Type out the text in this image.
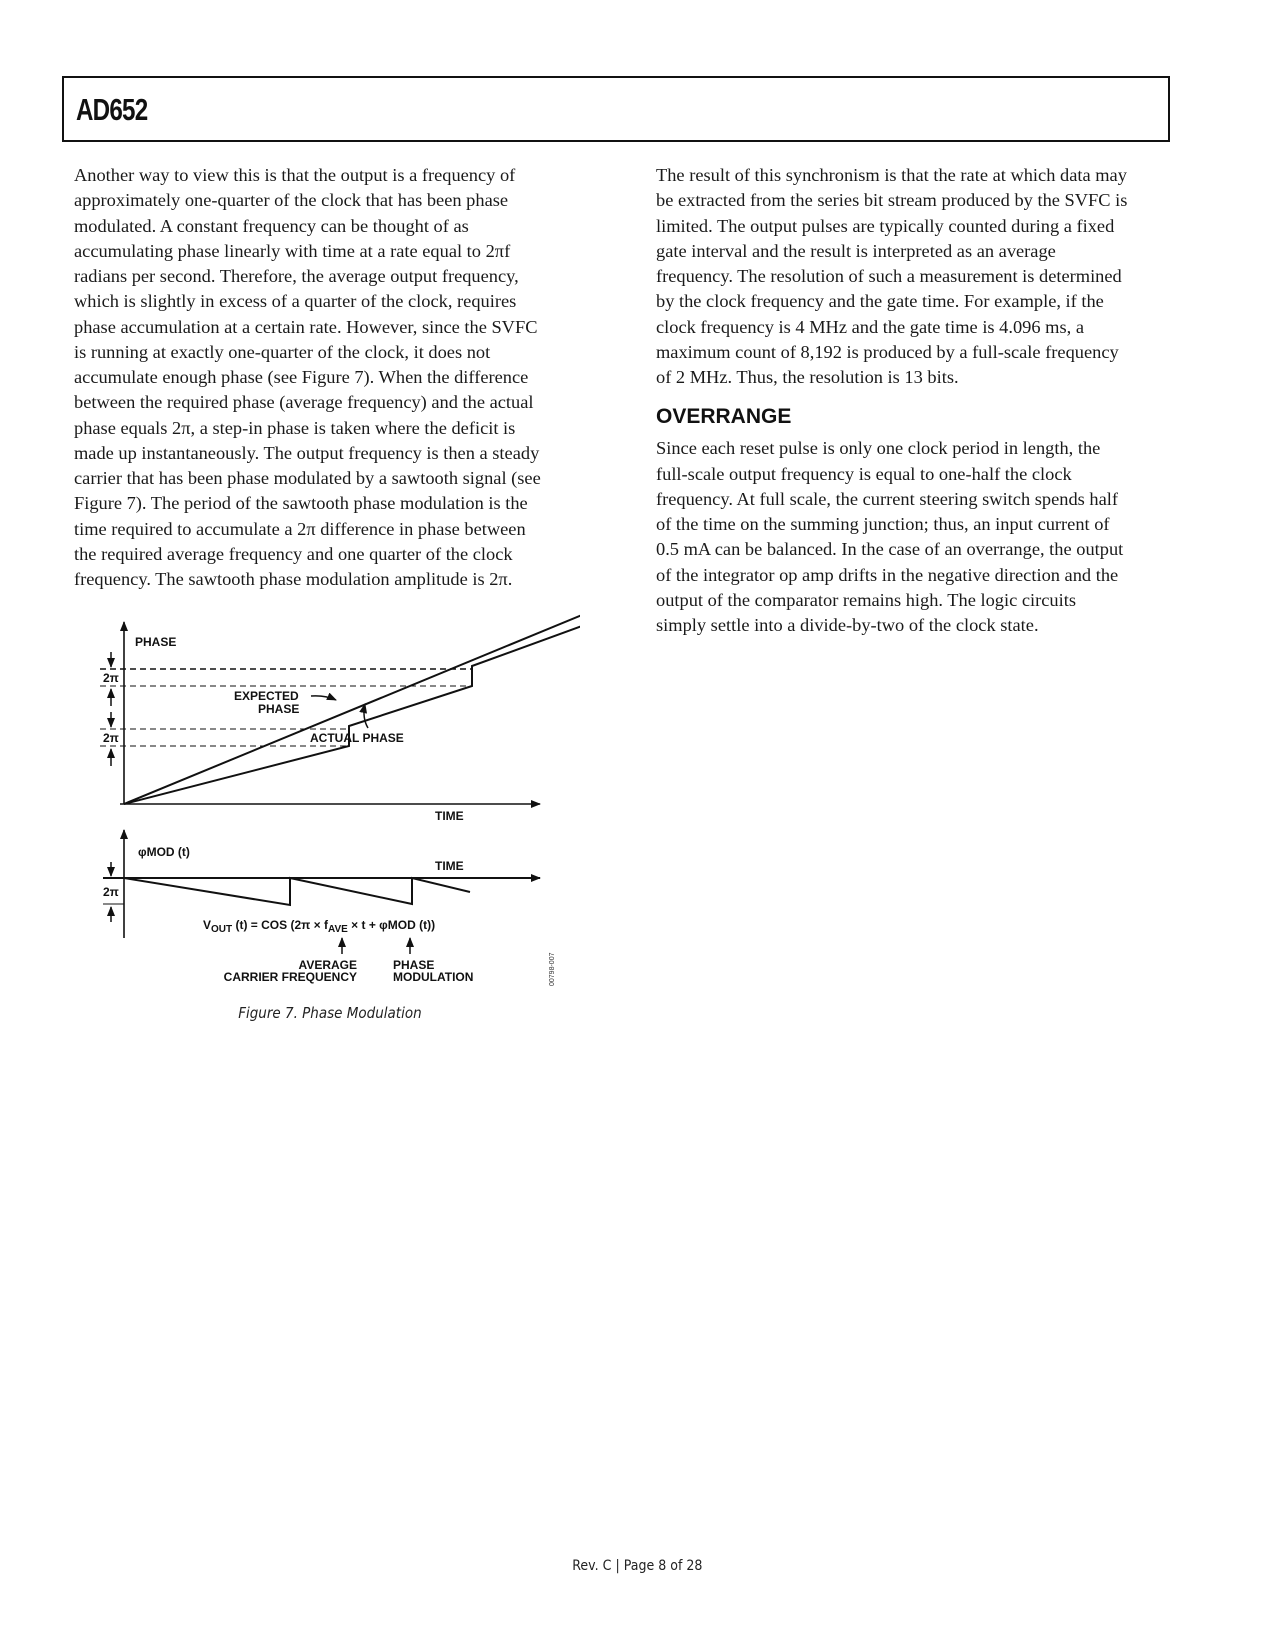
AD652

Another way to view this is that the output is a frequency of
approximately one-quarter of the clock that has been phase
modulated. A constant frequency can be thought of as
accumulating phase linearly with time at a rate equal to 2πf
radians per second. Therefore, the average output frequency,
which is slightly in excess of a quarter of the clock, requires
phase accumulation at a certain rate. However, since the SVFC
is running at exactly one-quarter of the clock, it does not
accumulate enough phase (see Figure 7). When the difference
between the required phase (average frequency) and the actual
phase equals 2π, a step-in phase is taken where the deficit is
made up instantaneously. The output frequency is then a steady
carrier that has been phase modulated by a sawtooth signal (see
Figure 7). The period of the sawtooth phase modulation is the
time required to accumulate a 2π difference in phase between
the required average frequency and one quarter of the clock
frequency. The sawtooth phase modulation amplitude is 2π.

The result of this synchronism is that the rate at which data may
be extracted from the series bit stream produced by the SVFC is
limited. The output pulses are typically counted during a fixed
gate interval and the result is interpreted as an average
frequency. The resolution of such a measurement is determined
by the clock frequency and the gate time. For example, if the
clock frequency is 4 MHz and the gate time is 4.096 ms, a
maximum count of 8,192 is produced by a full-scale frequency
of 2 MHz. Thus, the resolution is 13 bits.

OVERRANGE

Since each reset pulse is only one clock period in length, the
full-scale output frequency is equal to one-half the clock
frequency. At full scale, the current steering switch spends half
of the time on the summing junction; thus, an input current of
0.5 mA can be balanced. In the case of an overrange, the output
of the integrator op amp drifts in the negative direction and the
output of the comparator remains high. The logic circuits
simply settle into a divide-by-two of the clock state.

PHASE
TIME
2π
2π
EXPECTED
PHASE
ACTUAL PHASE
φMOD (t)
TIME
2π
$V_{OUT}$ (t) = COS ($2\pi \times f_{AVE} \times t + \varphi MOD$ (t))
AVERAGE
CARRIER FREQUENCY
PHASE
MODULATION	00798-007
Figure 7. Phase Modulation
Rev. C | Page 8 of 28
